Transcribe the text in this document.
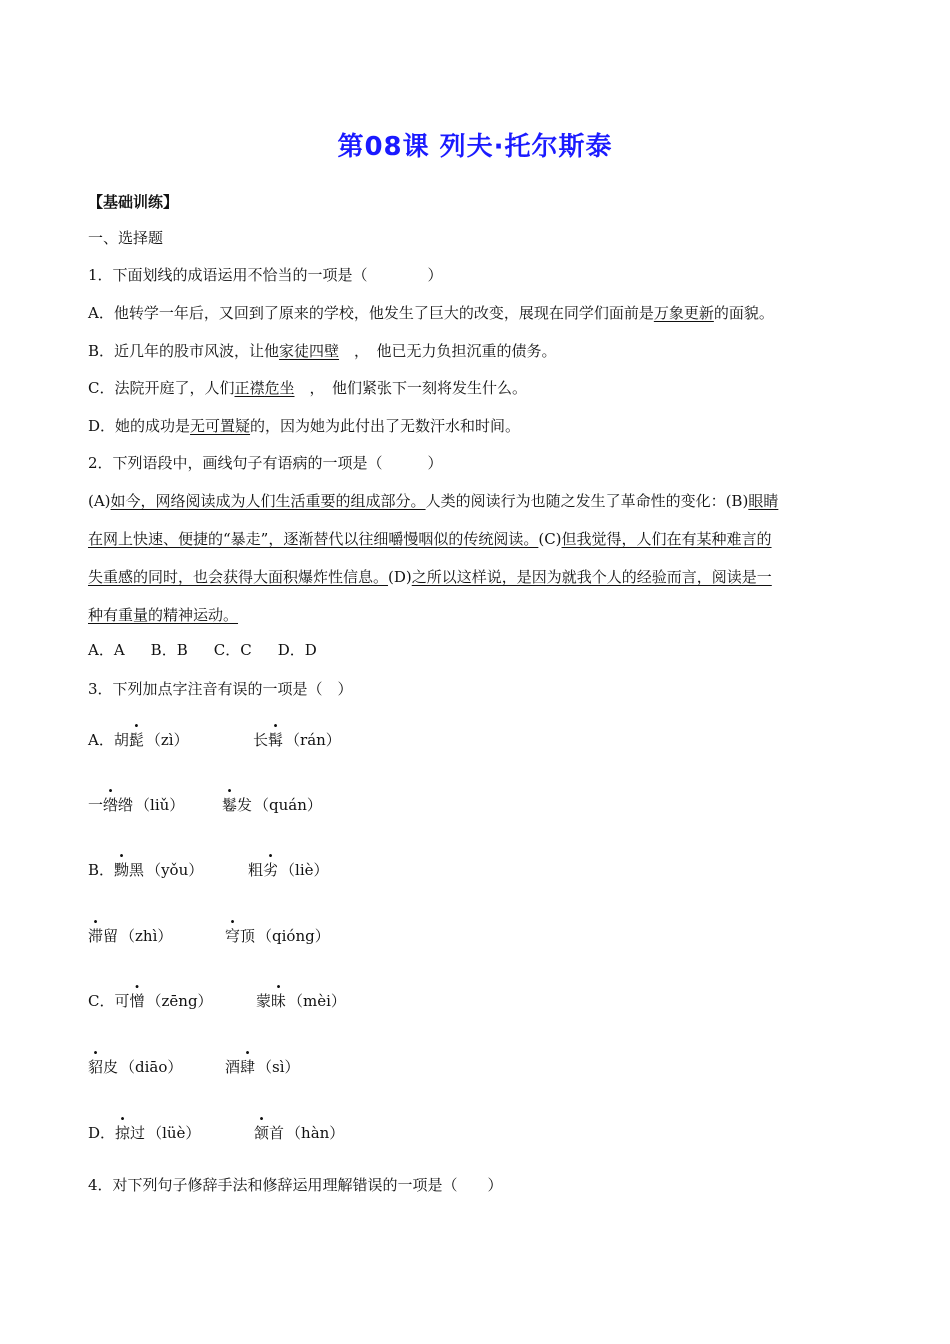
第08课 列夫·托尔斯泰
【基础训练】
一、选择题
1．下面划线的成语运用不恰当的一项是（　　　　）
A．他转学一年后，又回到了原来的学校，他发生了巨大的改变，展现在同学们面前是万象更新的面貌。
B．近几年的股市风波，让他家徒四壁　，　他已无力负担沉重的债务。
C．法院开庭了，人们正襟危坐　，　他们紧张下一刻将发生什么。
D．她的成功是无可置疑的，因为她为此付出了无数汗水和时间。
2．下列语段中，画线句子有语病的一项是（　　　）
(A)如今，网络阅读成为人们生活重要的组成部分。人类的阅读行为也随之发生了革命性的变化：(B)眼睛
在网上快速、便捷的“暴走”，逐渐替代以往细嚼慢咽似的传统阅读。(C)但我觉得，人们在有某种难言的
失重感的同时，也会获得大面积爆炸性信息。(D)之所以这样说，是因为就我个人的经验而言，阅读是一
种有重量的精神运动。
A．A B．B C．C D．D
3．下列加点字注音有误的一项是（　）
A．胡髭 （zì）	长髯 （rán）
一绺绺 （liǔ）	鬈发 （quán）
B．黝黑 （yǒu）	粗劣 （liè）
滞留 （zhì）	穹顶 （qióng）
C．可憎 （zēng）	蒙昧 （mèi）
貂皮 （diāo）	酒肆 （sì）
D．掠过 （lüè）	颔首 （hàn）
4．对下列句子修辞手法和修辞运用理解错误的一项是（　　）
